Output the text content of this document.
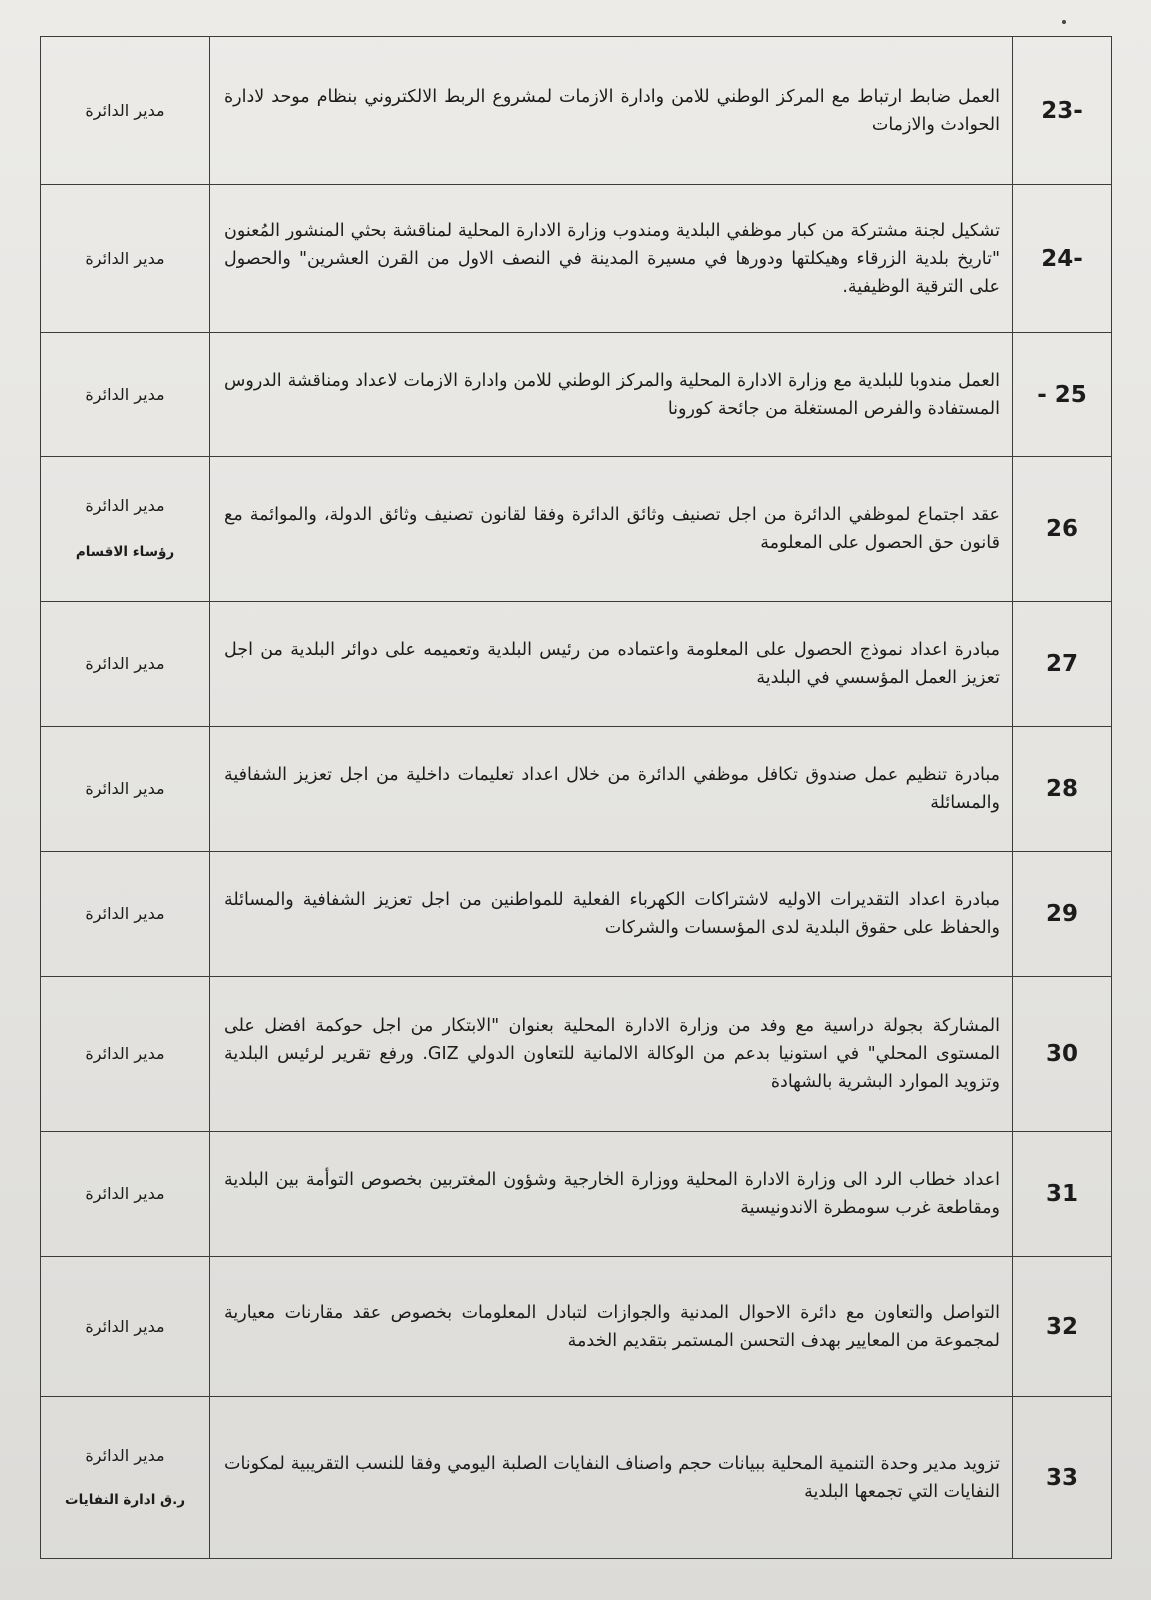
-23	العمل ضابط ارتباط مع المركز الوطني للامن وادارة الازمات لمشروع الربط الالكتروني بنظام موحد لادارة الحوادث والازمات	مدير الدائرة

-24	تشكيل لجنة مشتركة من كبار موظفي البلدية ومندوب وزارة الادارة المحلية لمناقشة بحثي المنشور المُعنون "تاريخ بلدية الزرقاء وهيكلتها ودورها في مسيرة المدينة في النصف الاول من القرن العشرين" والحصول على الترقية الوظيفية.	مدير الدائرة

25 -	العمل مندوبا للبلدية مع وزارة الادارة المحلية والمركز الوطني للامن وادارة الازمات لاعداد ومناقشة الدروس المستفادة والفرص المستغلة من جائحة كورونا	مدير الدائرة

26	عقد اجتماع لموظفي الدائرة من اجل تصنيف وثائق الدائرة وفقا لقانون تصنيف وثائق الدولة، والموائمة مع قانون حق الحصول على المعلومة	مدير الدائرة
رؤساء الاقسام

27	مبادرة اعداد نموذج الحصول على المعلومة واعتماده من رئيس البلدية وتعميمه على دوائر البلدية من اجل تعزيز العمل المؤسسي في البلدية	مدير الدائرة

28	مبادرة تنظيم عمل صندوق تكافل موظفي الدائرة من خلال اعداد تعليمات داخلية من اجل تعزيز الشفافية والمسائلة	مدير الدائرة

29	مبادرة اعداد التقديرات الاوليه لاشتراكات الكهرباء الفعلية للمواطنين من اجل تعزيز الشفافية والمسائلة والحفاظ على حقوق البلدية لدى المؤسسات والشركات	مدير الدائرة

30	المشاركة بجولة دراسية مع وفد من وزارة الادارة المحلية بعنوان "الابتكار من اجل حوكمة افضل على المستوى المحلي" في استونيا بدعم من الوكالة الالمانية للتعاون الدولي GIZ. ورفع تقرير لرئيس البلدية وتزويد الموارد البشرية بالشهادة	مدير الدائرة

31	اعداد خطاب الرد الى وزارة الادارة المحلية ووزارة الخارجية وشؤون المغتربين بخصوص التوأمة بين البلدية ومقاطعة غرب سومطرة الاندونيسية	مدير الدائرة

32	التواصل والتعاون مع دائرة الاحوال المدنية والجوازات لتبادل المعلومات بخصوص عقد مقارنات معيارية لمجموعة من المعايير بهدف التحسن المستمر بتقديم الخدمة	مدير الدائرة

33	تزويد مدير وحدة التنمية المحلية ببيانات حجم واصناف النفايات الصلبة اليومي وفقا للنسب التقريبية لمكونات النفايات التي تجمعها البلدية	مدير الدائرة
ر.ق ادارة النفايات
